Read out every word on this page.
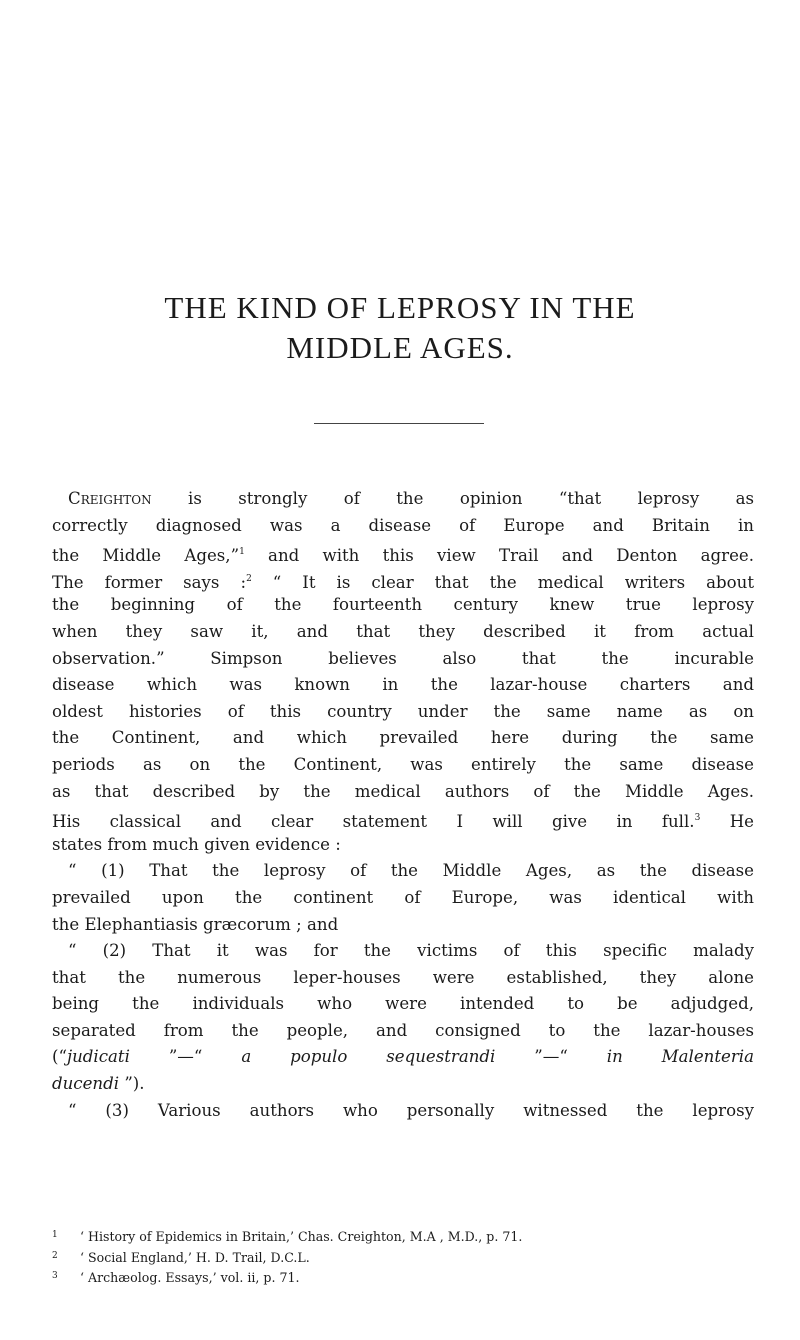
THE KIND OF LEPROSY IN THE
MIDDLE AGES.
Creighton is strongly of the opinion “that leprosy as
correctly diagnosed was a disease of Europe and Britain in
the Middle Ages,”$^1$ and with this view Trail and Denton agree.
The former says :$^2$ “ It is clear that the medical writers about
the beginning of the fourteenth century knew true leprosy
when they saw it, and that they described it from actual
observation.” Simpson believes also that the incurable
disease which was known in the lazar-house charters and
oldest histories of this country under the same name as on
the Continent, and which prevailed here during the same
periods as on the Continent, was entirely the same disease
as that described by the medical authors of the Middle Ages.
His classical and clear statement I will give in full.$^3$ He
states from much given evidence :
“ (1) That the leprosy of the Middle Ages, as the disease
prevailed upon the continent of Europe, was identical with
the Elephantiasis græcorum ; and
“ (2) That it was for the victims of this specific malady
that the numerous leper-houses were established, they alone
being the individuals who were intended to be adjudged,
separated from the people, and consigned to the lazar-houses
(“judicati ”—“ a populo sequestrandi ”—“ in Malenteria
ducendi ”).
“ (3) Various authors who personally witnessed the leprosy
1 ‘ History of Epidemics in Britain,’ Chas. Creighton, M.A , M.D., p. 71.
2 ‘ Social England,’ H. D. Trail, D.C.L.
3 ‘ Archæolog. Essays,’ vol. ii, p. 71.
